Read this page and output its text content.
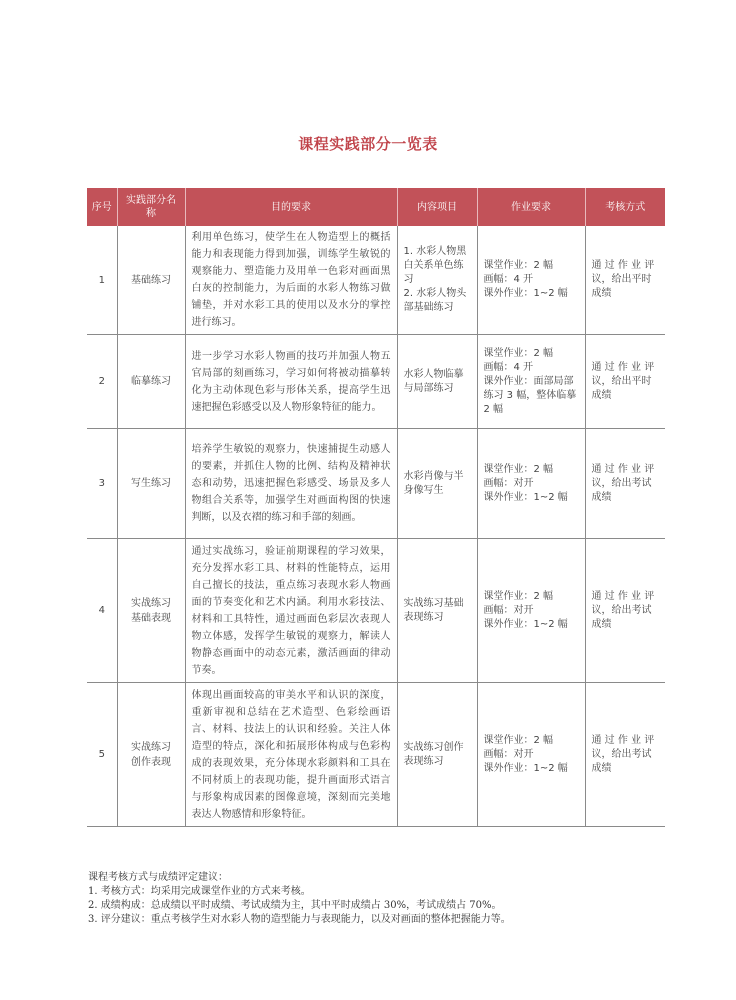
课程实践部分一览表
序号	实践部分名称	目的要求	内容项目	作业要求	考核方式
1	基础练习	利用单色练习，使学生在人物造型上的概括能力和表现能力得到加强，训练学生敏锐的观察能力、塑造能力及用单一色彩对画面黑白灰的控制能力，为后面的水彩人物练习做铺垫，并对水彩工具的使用以及水分的掌控进行练习。	1. 水彩人物黑白关系单色练习
2. 水彩人物头部基础练习	课堂作业：2 幅
画幅：4 开
课外作业：1~2 幅	通 过 作 业 评议，给出平时成绩
2	临摹练习	进一步学习水彩人物画的技巧并加强人物五官局部的刻画练习，学习如何将被动描摹转化为主动体现色彩与形体关系，提高学生迅速把握色彩感受以及人物形象特征的能力。	水彩人物临摹与局部练习	课堂作业：2 幅
画幅：4 开
课外作业：面部局部练习 3 幅，整体临摹 2 幅	通 过 作 业 评议，给出平时成绩
3	写生练习	培养学生敏锐的观察力，快速捕捉生动感人的要素，并抓住人物的比例、结构及精神状态和动势，迅速把握色彩感受、场景及多人物组合关系等，加强学生对画面构图的快速判断，以及衣褶的练习和手部的刻画。	水彩肖像与半身像写生	课堂作业：2 幅
画幅：对开
课外作业：1~2 幅	通 过 作 业 评议，给出考试成绩
4	实战练习
基础表现	通过实战练习，验证前期课程的学习效果，充分发挥水彩工具、材料的性能特点，运用自己擅长的技法，重点练习表现水彩人物画面的节奏变化和艺术内涵。利用水彩技法、材料和工具特性，通过画面色彩层次表现人物立体感，发挥学生敏锐的观察力，解读人物静态画面中的动态元素，激活画面的律动节奏。	实战练习基础表现练习	课堂作业：2 幅
画幅：对开
课外作业：1~2 幅	通 过 作 业 评议，给出考试成绩
5	实战练习
创作表现	体现出画面较高的审美水平和认识的深度，重新审视和总结在艺术造型、色彩绘画语言、材料、技法上的认识和经验。关注人体造型的特点，深化和拓展形体构成与色彩构成的表现效果，充分体现水彩颜料和工具在不同材质上的表现功能，提升画面形式语言与形象构成因素的图像意境，深刻而完美地表达人物感情和形象特征。	实战练习创作表现练习	课堂作业：2 幅
画幅：对开
课外作业：1~2 幅	通 过 作 业 评议，给出考试成绩
课程考核方式与成绩评定建议：
1. 考核方式：均采用完成课堂作业的方式来考核。
2. 成绩构成：总成绩以平时成绩、考试成绩为主，其中平时成绩占 30%，考试成绩占 70%。
3. 评分建议：重点考核学生对水彩人物的造型能力与表现能力，以及对画面的整体把握能力等。
